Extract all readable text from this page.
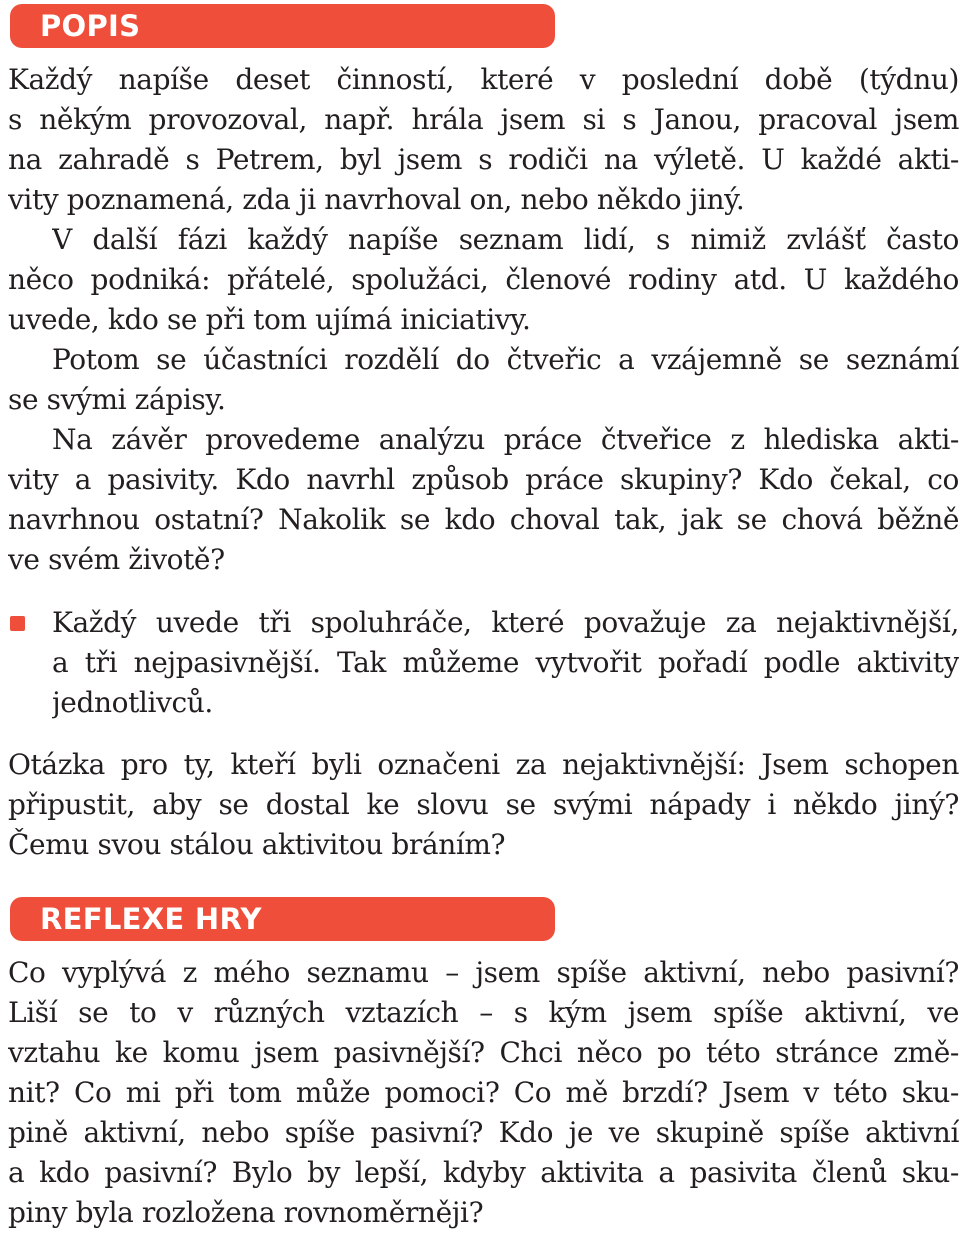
POPIS
Každý napíše deset činností, které v poslední době (týdnu)
s někým provozoval, např. hrála jsem si s Janou, pracoval jsem
na zahradě s Petrem, byl jsem s rodiči na výletě. U každé akti-
vity poznamená, zda ji navrhoval on, nebo někdo jiný.
V další fázi každý napíše seznam lidí, s nimiž zvlášť často
něco podniká: přátelé, spolužáci, členové rodiny atd. U každého
uvede, kdo se při tom ujímá iniciativy.
Potom se účastníci rozdělí do čtveřic a vzájemně se seznámí
se svými zápisy.
Na závěr provedeme analýzu práce čtveřice z hlediska akti-
vity a pasivity. Kdo navrhl způsob práce skupiny? Kdo čekal, co
navrhnou ostatní? Nakolik se kdo choval tak, jak se chová běžně
ve svém životě?
Každý uvede tři spoluhráče, které považuje za nejaktivnější,
a tři nejpasivnější. Tak můžeme vytvořit pořadí podle aktivity
jednotlivců.
Otázka pro ty, kteří byli označeni za nejaktivnější: Jsem schopen
připustit, aby se dostal ke slovu se svými nápady i někdo jiný?
Čemu svou stálou aktivitou bráním?
REFLEXE HRY
Co vyplývá z mého seznamu – jsem spíše aktivní, nebo pasivní?
Liší se to v různých vztazích – s kým jsem spíše aktivní, ve
vztahu ke komu jsem pasivnější? Chci něco po této stránce změ-
nit? Co mi při tom může pomoci? Co mě brzdí? Jsem v této sku-
pině aktivní, nebo spíše pasivní? Kdo je ve skupině spíše aktivní
a kdo pasivní? Bylo by lepší, kdyby aktivita a pasivita členů sku-
piny byla rozložena rovnoměrněji?
